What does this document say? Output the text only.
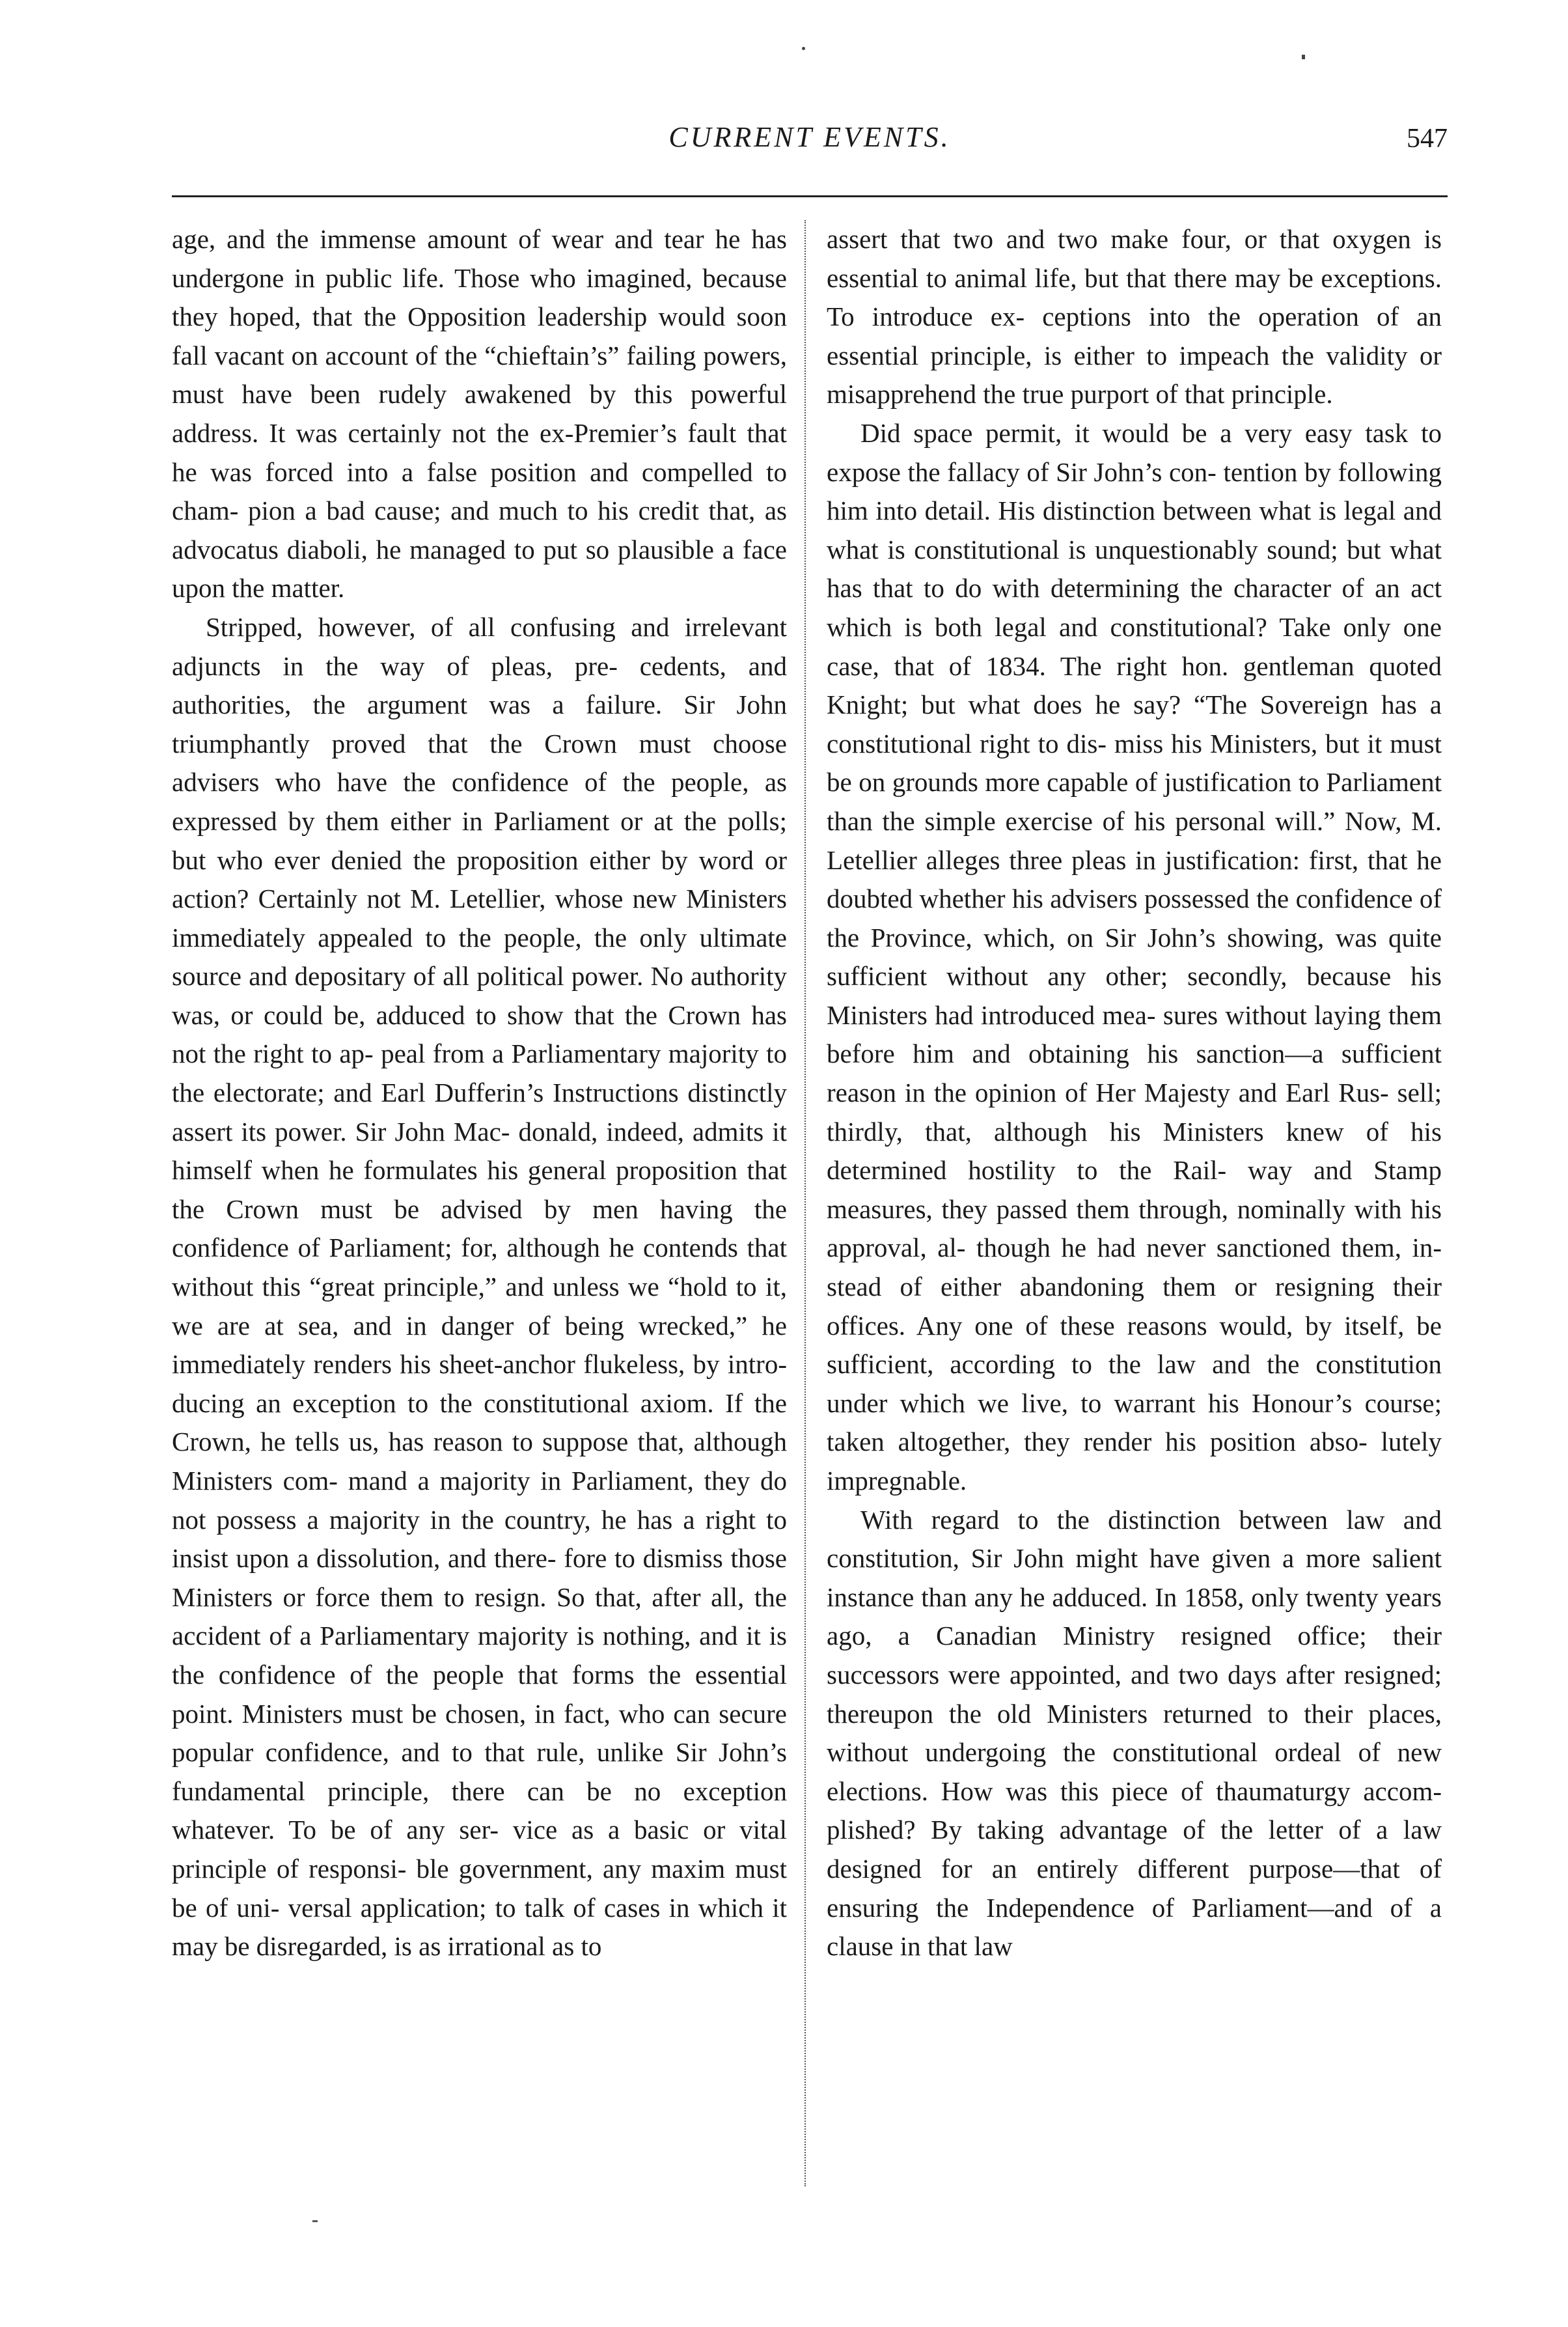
CURRENT EVENTS.	547

age, and the immense amount of wear and tear he has undergone in public life. Those who imagined, because they hoped, that the Opposition leadership would soon fall vacant on account of the “chieftain’s” failing powers, must have been rudely awakened by this powerful address. It was certainly not the ex-Premier’s fault that he was forced into a false position and compelled to cham- pion a bad cause; and much to his credit that, as advocatus diaboli, he managed to put so plausible a face upon the matter.

Stripped, however, of all confusing and irrelevant adjuncts in the way of pleas, pre- cedents, and authorities, the argument was a failure. Sir John triumphantly proved that the Crown must choose advisers who have the confidence of the people, as expressed by them either in Parliament or at the polls; but who ever denied the proposition either by word or action? Certainly not M. Letellier, whose new Ministers immediately appealed to the people, the only ultimate source and depositary of all political power. No authority was, or could be, adduced to show that the Crown has not the right to ap- peal from a Parliamentary majority to the electorate; and Earl Dufferin’s Instructions distinctly assert its power. Sir John Mac- donald, indeed, admits it himself when he formulates his general proposition that the Crown must be advised by men having the confidence of Parliament; for, although he contends that without this “great principle,” and unless we “hold to it, we are at sea, and in danger of being wrecked,” he immediately renders his sheet-anchor flukeless, by intro- ducing an exception to the constitutional axiom. If the Crown, he tells us, has reason to suppose that, although Ministers com- mand a majority in Parliament, they do not possess a majority in the country, he has a right to insist upon a dissolution, and there- fore to dismiss those Ministers or force them to resign. So that, after all, the accident of a Parliamentary majority is nothing, and it is the confidence of the people that forms the essential point. Ministers must be chosen, in fact, who can secure popular confidence, and to that rule, unlike Sir John’s fundamental principle, there can be no exception whatever. To be of any ser- vice as a basic or vital principle of responsi- ble government, any maxim must be of uni- versal application; to talk of cases in which it may be disregarded, is as irrational as to

assert that two and two make four, or that oxygen is essential to animal life, but that there may be exceptions. To introduce ex- ceptions into the operation of an essential principle, is either to impeach the validity or misapprehend the true purport of that principle.

Did space permit, it would be a very easy task to expose the fallacy of Sir John’s con- tention by following him into detail. His distinction between what is legal and what is constitutional is unquestionably sound; but what has that to do with determining the character of an act which is both legal and constitutional? Take only one case, that of 1834. The right hon. gentleman quoted Knight; but what does he say? “The Sovereign has a constitutional right to dis- miss his Ministers, but it must be on grounds more capable of justification to Parliament than the simple exercise of his personal will.” Now, M. Letellier alleges three pleas in justification: first, that he doubted whether his advisers possessed the confidence of the Province, which, on Sir John’s showing, was quite sufficient without any other; secondly, because his Ministers had introduced mea- sures without laying them before him and obtaining his sanction—a sufficient reason in the opinion of Her Majesty and Earl Rus- sell; thirdly, that, although his Ministers knew of his determined hostility to the Rail- way and Stamp measures, they passed them through, nominally with his approval, al- though he had never sanctioned them, in- stead of either abandoning them or resigning their offices. Any one of these reasons would, by itself, be sufficient, according to the law and the constitution under which we live, to warrant his Honour’s course; taken altogether, they render his position abso- lutely impregnable.

With regard to the distinction between law and constitution, Sir John might have given a more salient instance than any he adduced. In 1858, only twenty years ago, a Canadian Ministry resigned office; their successors were appointed, and two days after resigned; thereupon the old Ministers returned to their places, without undergoing the constitutional ordeal of new elections. How was this piece of thaumaturgy accom- plished? By taking advantage of the letter of a law designed for an entirely different purpose—that of ensuring the Independence of Parliament—and of a clause in that law
